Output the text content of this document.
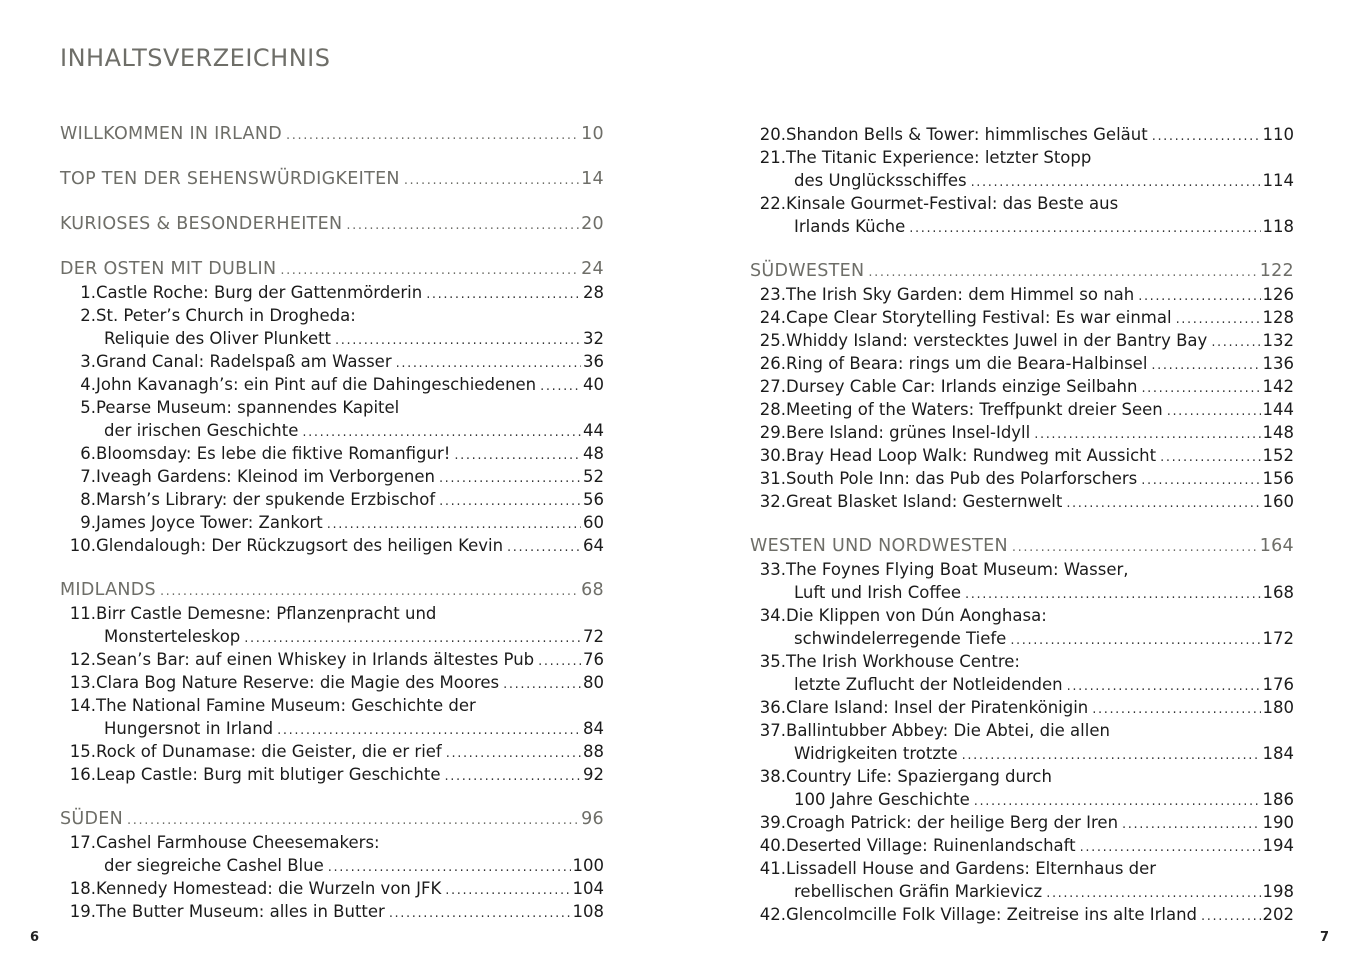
INHALTSVERZEICHNIS
WILLKOMMEN IN IRLAND .....	10
TOP TEN DER SEHENSWÜRDIGKEITEN .....	14
KURIOSES & BESONDERHEITEN .....	20
DER OSTEN MIT DUBLIN .....	24
1. Castle Roche: Burg der Gattenmörderin .....	28
2. St. Peter’s Church in Drogheda:
Reliquie des Oliver Plunkett .....	32
3. Grand Canal: Radelspaß am Wasser .....	36
4. John Kavanagh’s: ein Pint auf die Dahingeschiedenen .....	40
5. Pearse Museum: spannendes Kapitel
der irischen Geschichte .....	44
6. Bloomsday: Es lebe die fiktive Romanfigur! .....	48
7. Iveagh Gardens: Kleinod im Verborgenen .....	52
8. Marsh’s Library: der spukende Erzbischof .....	56
9. James Joyce Tower: Zankort .....	60
10. Glendalough: Der Rückzugsort des heiligen Kevin .....	64
MIDLANDS .....	68
11. Birr Castle Demesne: Pflanzenpracht und
Monsterteleskop .....	72
12. Sean’s Bar: auf einen Whiskey in Irlands ältestes Pub .....	76
13. Clara Bog Nature Reserve: die Magie des Moores .....	80
14. The National Famine Museum: Geschichte der
Hungersnot in Irland .....	84
15. Rock of Dunamase: die Geister, die er rief .....	88
16. Leap Castle: Burg mit blutiger Geschichte .....	92
SÜDEN .....	96
17. Cashel Farmhouse Cheesemakers:
der siegreiche Cashel Blue .....	100
18. Kennedy Homestead: die Wurzeln von JFK .....	104
19. The Butter Museum: alles in Butter .....	108
20. Shandon Bells & Tower: himmlisches Geläut .....	110
21. The Titanic Experience: letzter Stopp
des Unglücksschiffes .....	114
22. Kinsale Gourmet-Festival: das Beste aus
Irlands Küche .....	118
SÜDWESTEN .....	122
23. The Irish Sky Garden: dem Himmel so nah .....	126
24. Cape Clear Storytelling Festival: Es war einmal .....	128
25. Whiddy Island: verstecktes Juwel in der Bantry Bay .....	132
26. Ring of Beara: rings um die Beara-Halbinsel .....	136
27. Dursey Cable Car: Irlands einzige Seilbahn .....	142
28. Meeting of the Waters: Treffpunkt dreier Seen .....	144
29. Bere Island: grünes Insel-Idyll .....	148
30. Bray Head Loop Walk: Rundweg mit Aussicht .....	152
31. South Pole Inn: das Pub des Polarforschers .....	156
32. Great Blasket Island: Gesternwelt .....	160
WESTEN UND NORDWESTEN .....	164
33. The Foynes Flying Boat Museum: Wasser,
Luft und Irish Coffee .....	168
34. Die Klippen von Dún Aonghasa:
schwindelerregende Tiefe .....	172
35. The Irish Workhouse Centre:
letzte Zuflucht der Notleidenden .....	176
36. Clare Island: Insel der Piratenkönigin .....	180
37. Ballintubber Abbey: Die Abtei, die allen
Widrigkeiten trotzte .....	184
38. Country Life: Spaziergang durch
100 Jahre Geschichte .....	186
39. Croagh Patrick: der heilige Berg der Iren .....	190
40. Deserted Village: Ruinenlandschaft .....	194
41. Lissadell House and Gardens: Elternhaus der
rebellischen Gräfin Markievicz .....	198
42. Glencolmcille Folk Village: Zeitreise ins alte Irland .....	202
6	7
